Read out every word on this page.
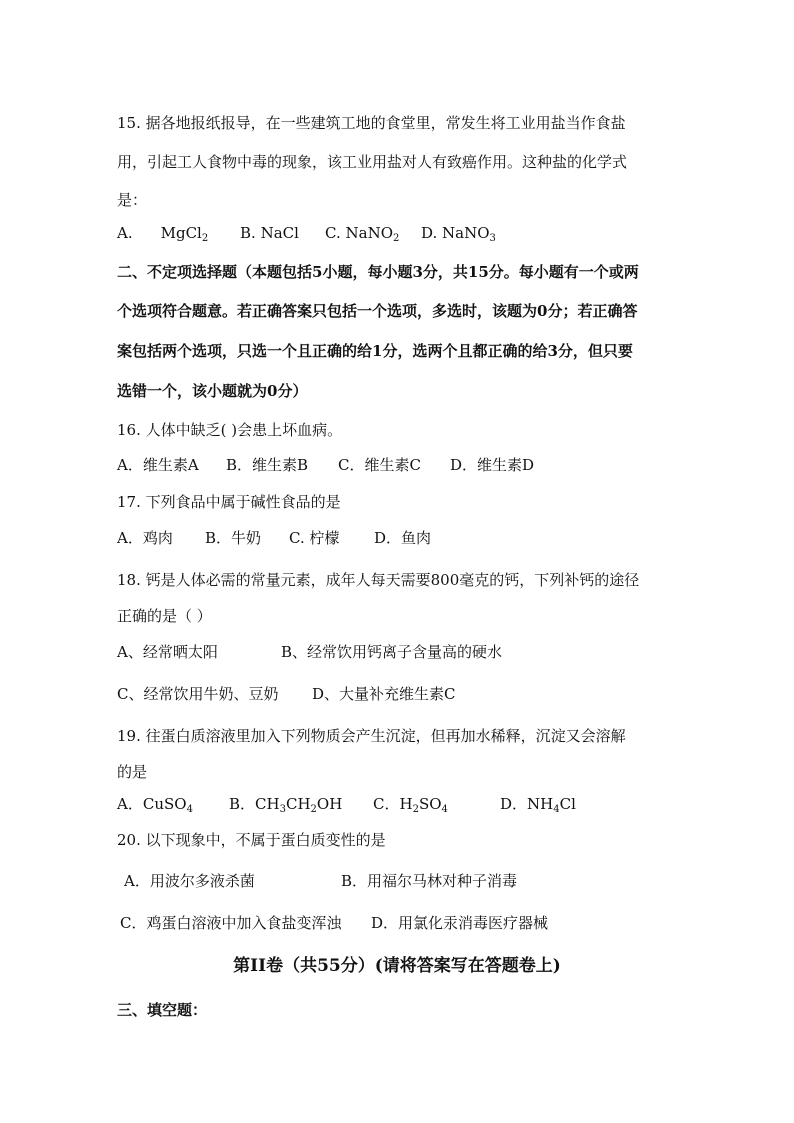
15. 据各地报纸报导，在一些建筑工地的食堂里，常发生将工业用盐当作食盐
用，引起工人食物中毒的现象，该工业用盐对人有致癌作用。这种盐的化学式
是：
A. MgCl$_2$ B. NaCl C. NaNO$_2$ D. NaNO$_3$
二、不定项选择题（本题包括5小题，每小题3分，共15分。每小题有一个或两
个选项符合题意。若正确答案只包括一个选项，多选时，该题为0分；若正确答
案包括两个选项，只选一个且正确的给1分，选两个且都正确的给3分，但只要
选错一个，该小题就为0分）
16. 人体中缺乏( )会患上坏血病。
A．维生素A B．维生素B C．维生素C D．维生素D
17. 下列食品中属于碱性食品的是
A．鸡肉 B．牛奶 C. 柠檬 D．鱼肉
18. 钙是人体必需的常量元素，成年人每天需要800毫克的钙，下列补钙的途径
正确的是（ ）
A、经常晒太阳	B、经常饮用钙离子含量高的硬水
C、经常饮用牛奶、豆奶 D、大量补充维生素C
19. 往蛋白质溶液里加入下列物质会产生沉淀，但再加水稀释，沉淀又会溶解
的是
A．CuSO$_4$ B．$CH_3CH_2OH$ C．$H_2SO_4$	D．$NH_4Cl$
20. 以下现象中，不属于蛋白质变性的是
A．用波尔多液杀菌	B．用福尔马林对种子消毒
C．鸡蛋白溶液中加入食盐变浑浊 D．用氯化汞消毒医疗器械
第II卷（共55分）(请将答案写在答题卷上)
三、填空题：
